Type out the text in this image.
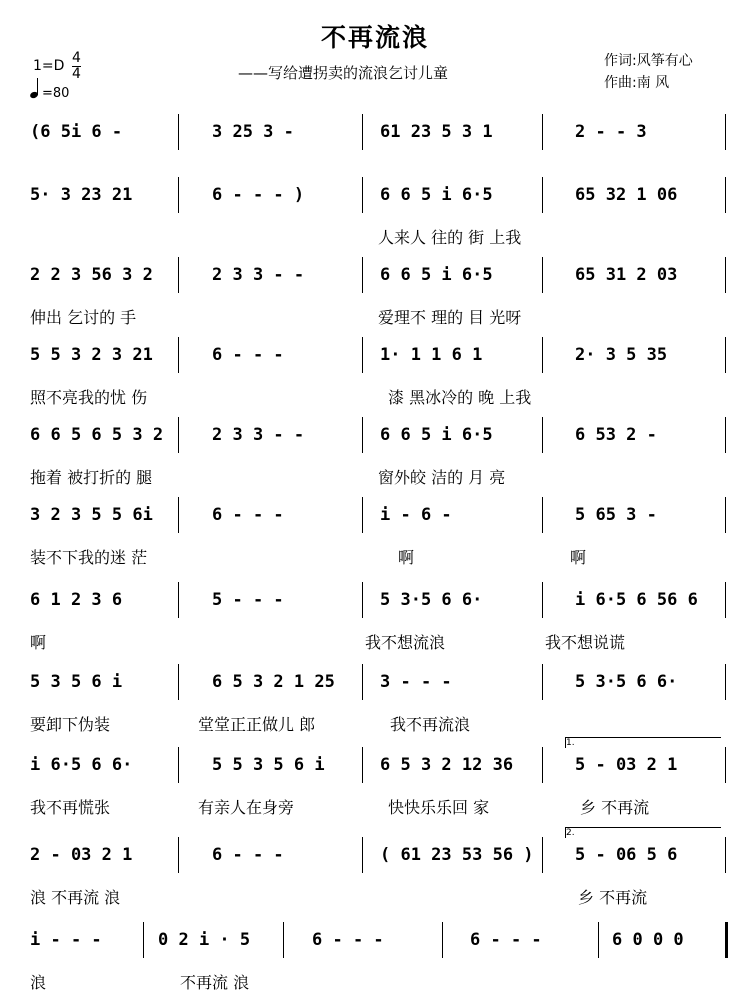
不再流浪
——写给遭拐卖的流浪乞讨儿童
作词:风筝有心
作曲:南 风
1=D 4
4
=80
(6 5i 6 -	3 25 3 -	61 23 5 3 1	2 - - 3
5· 3 23 21	6 - - - )	6 6 5 i 6·5	65 32 1 06
人来人 往的 街 上我
2 2 3 56 3 2	2 3 3 - -	6 6 5 i 6·5	65 31 2 03
伸出 乞讨的 手	爱理不 理的 目 光呀
5 5 3 2 3 21	6 - - -	1· 1 1 6 1	2· 3 5 35
照不亮我的忧 伤	漆 黑冰冷的 晚 上我
6 6 5 6 5 3 2	2 3 3 - -	6 6 5 i 6·5	6 53 2 -
拖着 被打折的 腿	窗外皎 洁的 月 亮
3 2 3 5 5 6i	6 - - -	i - 6 -	5 65 3 -
装不下我的迷 茫	啊	啊
6 1 2 3 6	5 - - -	5 3·5 6 6·	i 6·5 6 56 6
啊	我不想流浪	我不想说谎
5 3 5 6 i	6 5 3 2 1 25	3 - - -	5 3·5 6 6·
要卸下伪装	堂堂正正做儿 郎	我不再流浪
i 6·5 6 6·	5 5 3 5 6 i	6 5 3 2 12 36	5 - 03 2 1
我不再慌张	有亲人在身旁	快快乐乐回 家	乡 不再流
1.
2 - 03 2 1	6 - - -	( 61 23 53 56 ) 5 - 06 5 6
浪 不再流 浪	乡 不再流
2.
i - - -	0 2 i · 5	6 - - -	6 - - -	6 0 0 0
浪	不再流 浪
